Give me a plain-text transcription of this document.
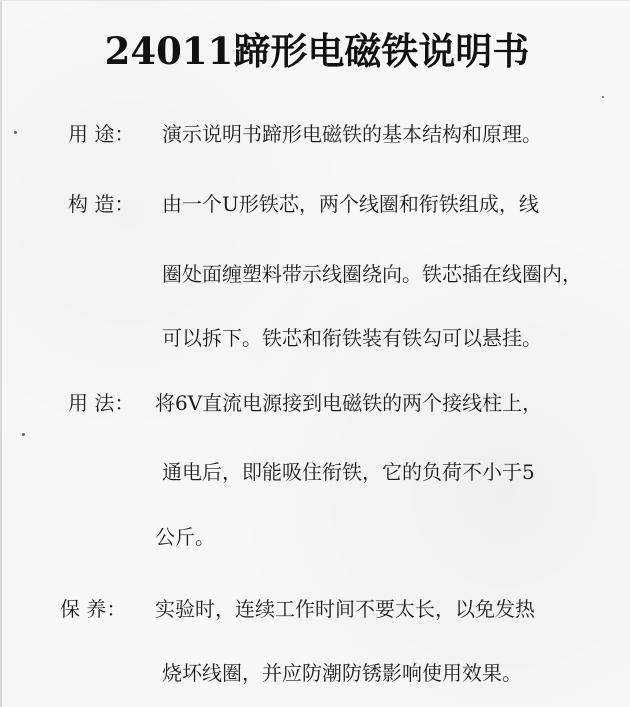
24011蹄形电磁铁说明书
用 途： 演示说明书蹄形电磁铁的基本结构和原理。
构 造： 由一个U形铁芯，两个线圈和衔铁组成，线
圈处面缠塑料带示线圈绕向。铁芯插在线圈内，
可以拆下。铁芯和衔铁装有铁勾可以悬挂。
用 法： 将6V直流电源接到电磁铁的两个接线柱上，
通电后，即能吸住衔铁，它的负荷不小于5
公斤。
保 养： 实验时，连续工作时间不要太长，以免发热
烧坏线圈，并应防潮防锈影响使用效果。
